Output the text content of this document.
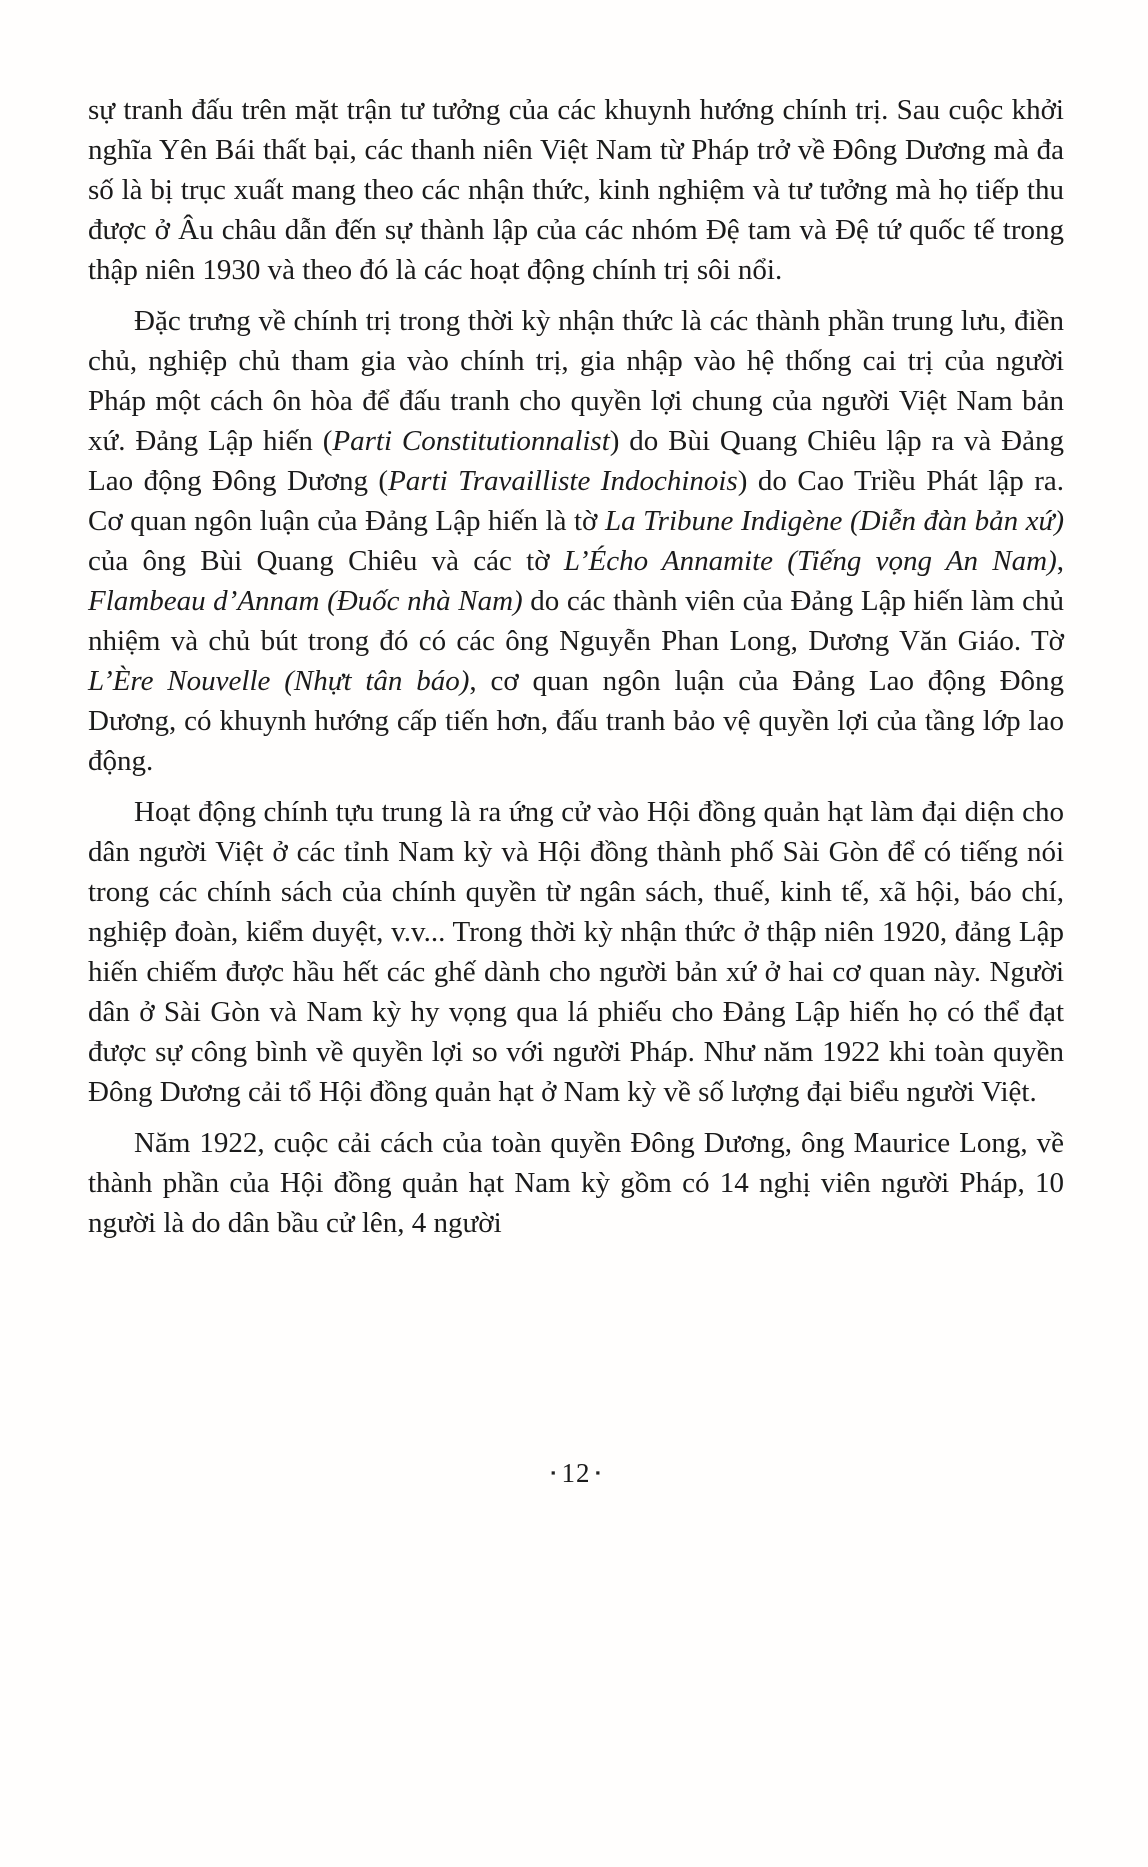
sự tranh đấu trên mặt trận tư tưởng của các khuynh hướng chính trị. Sau cuộc khởi nghĩa Yên Bái thất bại, các thanh niên Việt Nam từ Pháp trở về Đông Dương mà đa số là bị trục xuất mang theo các nhận thức, kinh nghiệm và tư tưởng mà họ tiếp thu được ở Âu châu dẫn đến sự thành lập của các nhóm Đệ tam và Đệ tứ quốc tế trong thập niên 1930 và theo đó là các hoạt động chính trị sôi nổi.

Đặc trưng về chính trị trong thời kỳ nhận thức là các thành phần trung lưu, điền chủ, nghiệp chủ tham gia vào chính trị, gia nhập vào hệ thống cai trị của người Pháp một cách ôn hòa để đấu tranh cho quyền lợi chung của người Việt Nam bản xứ. Đảng Lập hiến (Parti Constitutionnalist) do Bùi Quang Chiêu lập ra và Đảng Lao động Đông Dương (Parti Travailliste Indochinois) do Cao Triều Phát lập ra. Cơ quan ngôn luận của Đảng Lập hiến là tờ La Tribune Indigène (Diễn đàn bản xứ) của ông Bùi Quang Chiêu và các tờ L’Écho Annamite (Tiếng vọng An Nam), Flambeau d’Annam (Đuốc nhà Nam) do các thành viên của Đảng Lập hiến làm chủ nhiệm và chủ bút trong đó có các ông Nguyễn Phan Long, Dương Văn Giáo. Tờ L’Ère Nouvelle (Nhựt tân báo), cơ quan ngôn luận của Đảng Lao động Đông Dương, có khuynh hướng cấp tiến hơn, đấu tranh bảo vệ quyền lợi của tầng lớp lao động.

Hoạt động chính tựu trung là ra ứng cử vào Hội đồng quản hạt làm đại diện cho dân người Việt ở các tỉnh Nam kỳ và Hội đồng thành phố Sài Gòn để có tiếng nói trong các chính sách của chính quyền từ ngân sách, thuế, kinh tế, xã hội, báo chí, nghiệp đoàn, kiểm duyệt, v.v... Trong thời kỳ nhận thức ở thập niên 1920, đảng Lập hiến chiếm được hầu hết các ghế dành cho người bản xứ ở hai cơ quan này. Người dân ở Sài Gòn và Nam kỳ hy vọng qua lá phiếu cho Đảng Lập hiến họ có thể đạt được sự công bình về quyền lợi so với người Pháp. Như năm 1922 khi toàn quyền Đông Dương cải tổ Hội đồng quản hạt ở Nam kỳ về số lượng đại biểu người Việt.

Năm 1922, cuộc cải cách của toàn quyền Đông Dương, ông Maurice Long, về thành phần của Hội đồng quản hạt Nam kỳ gồm có 14 nghị viên người Pháp, 10 người là do dân bầu cử lên, 4 người

▪ 12 ▪
